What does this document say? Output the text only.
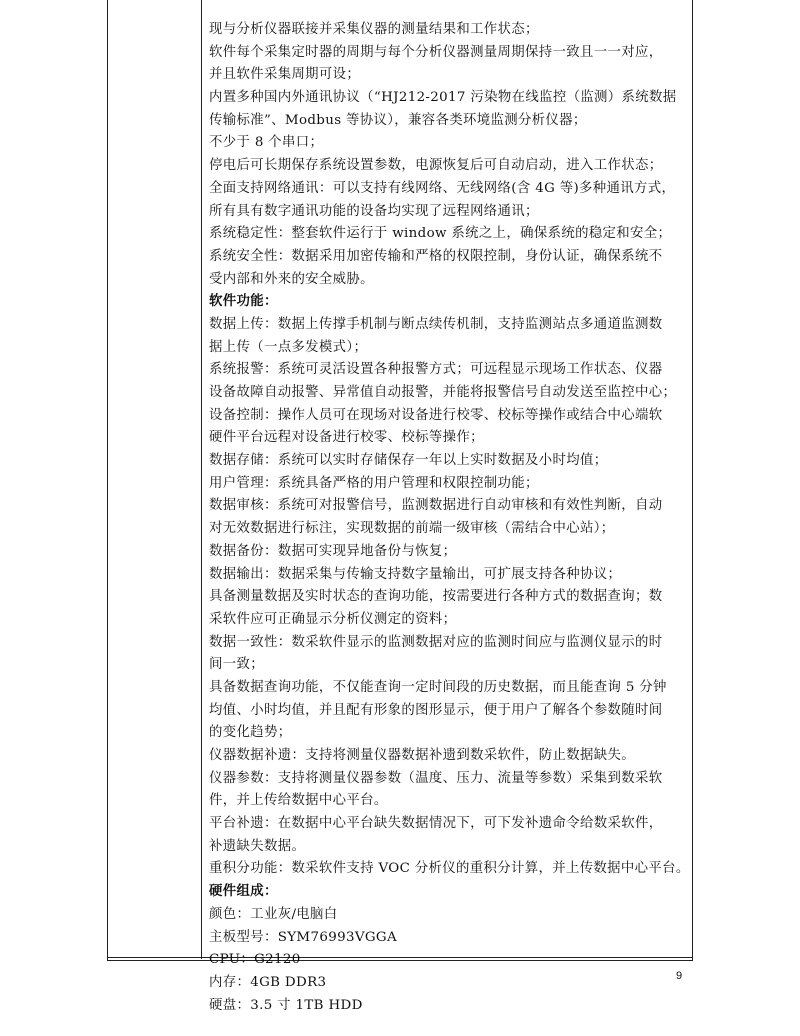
现与分析仪器联接并采集仪器的测量结果和工作状态；
软件每个采集定时器的周期与每个分析仪器测量周期保持一致且一一对应，
并且软件采集周期可设；
内置多种国内外通讯协议（“HJ212-2017 污染物在线监控（监测）系统数据
传输标准”、Modbus 等协议），兼容各类环境监测分析仪器；
不少于 8 个串口；
停电后可长期保存系统设置参数，电源恢复后可自动启动，进入工作状态；
全面支持网络通讯：可以支持有线网络、无线网络(含 4G 等)多种通讯方式，
所有具有数字通讯功能的设备均实现了远程网络通讯；
系统稳定性：整套软件运行于 window 系统之上，确保系统的稳定和安全；
系统安全性：数据采用加密传输和严格的权限控制，身份认证，确保系统不
受内部和外来的安全威胁。
软件功能：
数据上传：数据上传撑手机制与断点续传机制，支持监测站点多通道监测数
据上传（一点多发模式）；
系统报警：系统可灵活设置各种报警方式；可远程显示现场工作状态、仪器
设备故障自动报警、异常值自动报警，并能将报警信号自动发送至监控中心；
设备控制：操作人员可在现场对设备进行校零、校标等操作或结合中心端软
硬件平台远程对设备进行校零、校标等操作；
数据存储：系统可以实时存储保存一年以上实时数据及小时均值；
用户管理：系统具备严格的用户管理和权限控制功能；
数据审核：系统可对报警信号，监测数据进行自动审核和有效性判断，自动
对无效数据进行标注，实现数据的前端一级审核（需结合中心站）；
数据备份：数据可实现异地备份与恢复；
数据输出：数据采集与传输支持数字量输出，可扩展支持各种协议；
具备测量数据及实时状态的查询功能，按需要进行各种方式的数据查询；数
采软件应可正确显示分析仪测定的资料；
数据一致性：数采软件显示的监测数据对应的监测时间应与监测仪显示的时
间一致；
具备数据查询功能，不仅能查询一定时间段的历史数据，而且能查询 5 分钟
均值、小时均值，并且配有形象的图形显示，便于用户了解各个参数随时间
的变化趋势；
仪器数据补遗：支持将测量仪器数据补遗到数采软件，防止数据缺失。
仪器参数：支持将测量仪器参数（温度、压力、流量等参数）采集到数采软
件，并上传给数据中心平台。
平台补遗：在数据中心平台缺失数据情况下，可下发补遗命令给数采软件，
补遗缺失数据。
重积分功能：数采软件支持 VOC 分析仪的重积分计算，并上传数据中心平台。
硬件组成：
颜色：工业灰/电脑白
主板型号：SYM76993VGGA
CPU：G2120
内存：4GB DDR3
硬盘：3.5 寸 1TB HDD
9
